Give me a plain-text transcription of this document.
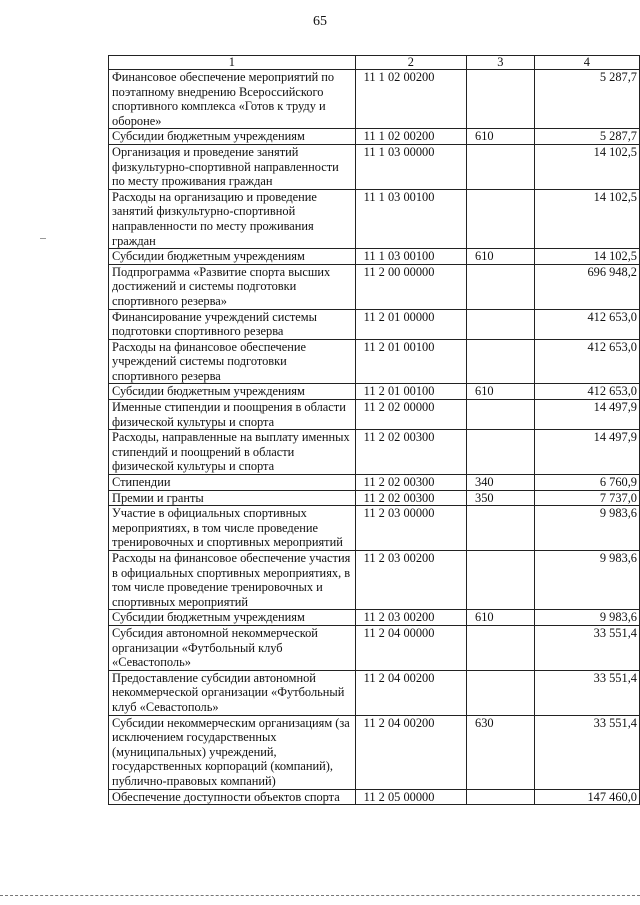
65
1	2	3	4
Финансовое обеспечение мероприятий по поэтапному внедрению Всероссийского спортивного комплекса «Готов к труду и обороне»	11 1 02 00200		5 287,7
Субсидии бюджетным учреждениям	11 1 02 00200	610	5 287,7
Организация и проведение занятий физкультурно-спортивной направленности по месту проживания граждан	11 1 03 00000		14 102,5
Расходы на организацию и проведение занятий физкультурно-спортивной направленности по месту проживания граждан	11 1 03 00100		14 102,5
Субсидии бюджетным учреждениям	11 1 03 00100	610	14 102,5
Подпрограмма «Развитие спорта высших достижений и системы подготовки спортивного резерва»	11 2 00 00000		696 948,2
Финансирование учреждений системы подготовки спортивного резерва	11 2 01 00000		412 653,0
Расходы на финансовое обеспечение учреждений системы подготовки спортивного резерва	11 2 01 00100		412 653,0
Субсидии бюджетным учреждениям	11 2 01 00100	610	412 653,0
Именные стипендии и поощрения в области физической культуры и спорта	11 2 02 00000		14 497,9
Расходы, направленные на выплату именных стипендий и поощрений в области физической культуры и спорта	11 2 02 00300		14 497,9
Стипендии	11 2 02 00300	340	6 760,9
Премии и гранты	11 2 02 00300	350	7 737,0
Участие в официальных спортивных мероприятиях, в том числе проведение тренировочных и спортивных мероприятий	11 2 03 00000		9 983,6
Расходы на финансовое обеспечение участия в официальных спортивных мероприятиях, в том числе проведение тренировочных и спортивных мероприятий	11 2 03 00200		9 983,6
Субсидии бюджетным учреждениям	11 2 03 00200	610	9 983,6
Субсидия автономной некоммерческой организации «Футбольный клуб «Севастополь»	11 2 04 00000		33 551,4
Предоставление субсидии автономной некоммерческой организации «Футбольный клуб «Севастополь»	11 2 04 00200		33 551,4
Субсидии некоммерческим организациям (за исключением государственных (муниципальных) учреждений, государственных корпораций (компаний), публично-правовых компаний)	11 2 04 00200	630	33 551,4
Обеспечение доступности объектов спорта	11 2 05 00000		147 460,0
